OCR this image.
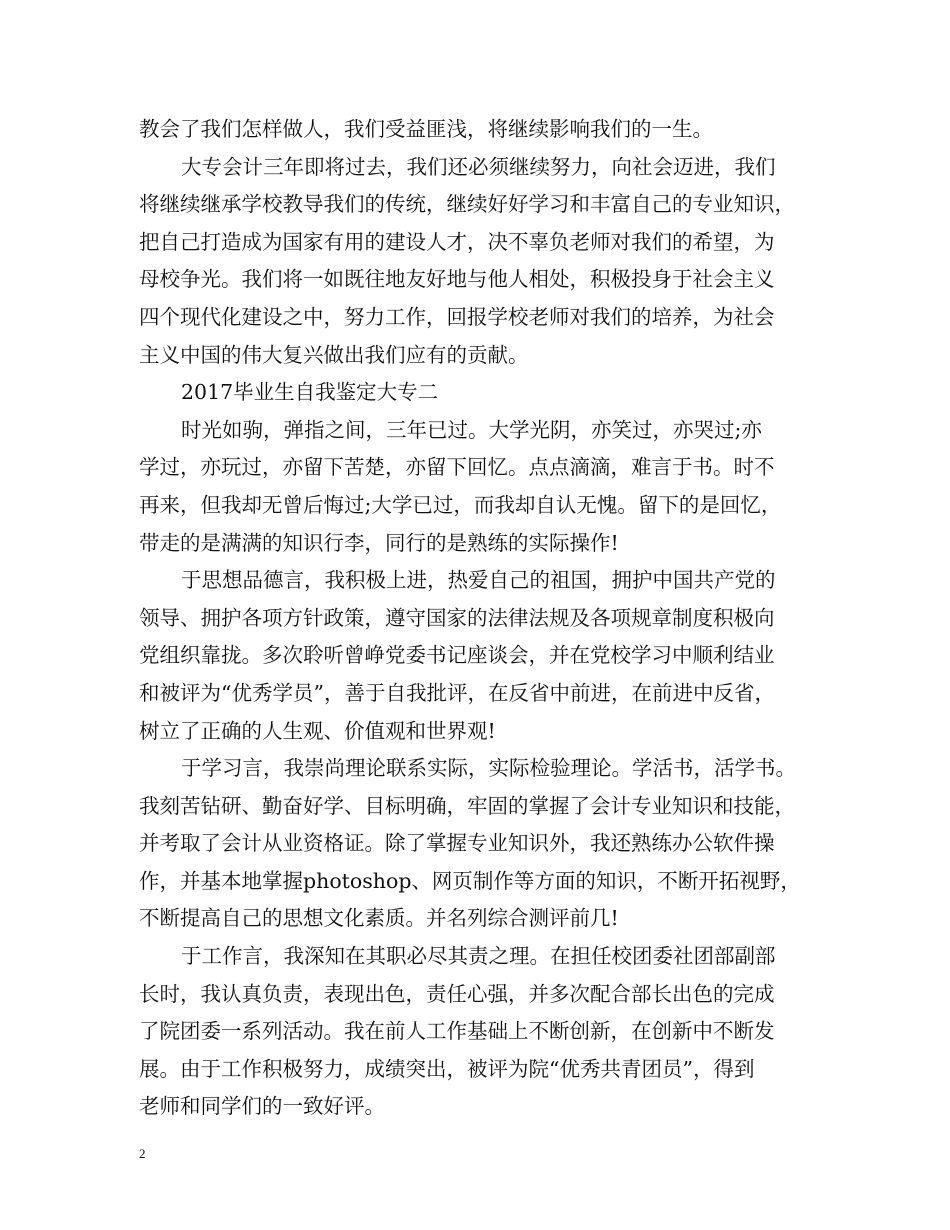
教会了我们怎样做人，我们受益匪浅，将继续影响我们的一生。
大专会计三年即将过去，我们还必须继续努力，向社会迈进，我们
将继续继承学校教导我们的传统，继续好好学习和丰富自己的专业知识，
把自己打造成为国家有用的建设人才，决不辜负老师对我们的希望，为
母校争光。我们将一如既往地友好地与他人相处，积极投身于社会主义
四个现代化建设之中，努力工作，回报学校老师对我们的培养，为社会
主义中国的伟大复兴做出我们应有的贡献。
2017毕业生自我鉴定大专二
时光如驹，弹指之间，三年已过。大学光阴，亦笑过，亦哭过;亦
学过，亦玩过，亦留下苦楚，亦留下回忆。点点滴滴，难言于书。时不
再来，但我却无曾后悔过;大学已过，而我却自认无愧。留下的是回忆，
带走的是满满的知识行李，同行的是熟练的实际操作!
于思想品德言，我积极上进，热爱自己的祖国，拥护中国共产党的
领导、拥护各项方针政策，遵守国家的法律法规及各项规章制度积极向
党组织靠拢。多次聆听曾峥党委书记座谈会，并在党校学习中顺利结业
和被评为“优秀学员”，善于自我批评，在反省中前进，在前进中反省，
树立了正确的人生观、价值观和世界观!
于学习言，我崇尚理论联系实际，实际检验理论。学活书，活学书。
我刻苦钻研、勤奋好学、目标明确，牢固的掌握了会计专业知识和技能，
并考取了会计从业资格证。除了掌握专业知识外，我还熟练办公软件操
作，并基本地掌握photoshop、网页制作等方面的知识，不断开拓视野，
不断提高自己的思想文化素质。并名列综合测评前几!
于工作言，我深知在其职必尽其责之理。在担任校团委社团部副部
长时，我认真负责，表现出色，责任心强，并多次配合部长出色的完成
了院团委一系列活动。我在前人工作基础上不断创新，在创新中不断发
展。由于工作积极努力，成绩突出，被评为院“优秀共青团员”，得到
老师和同学们的一致好评。
2
